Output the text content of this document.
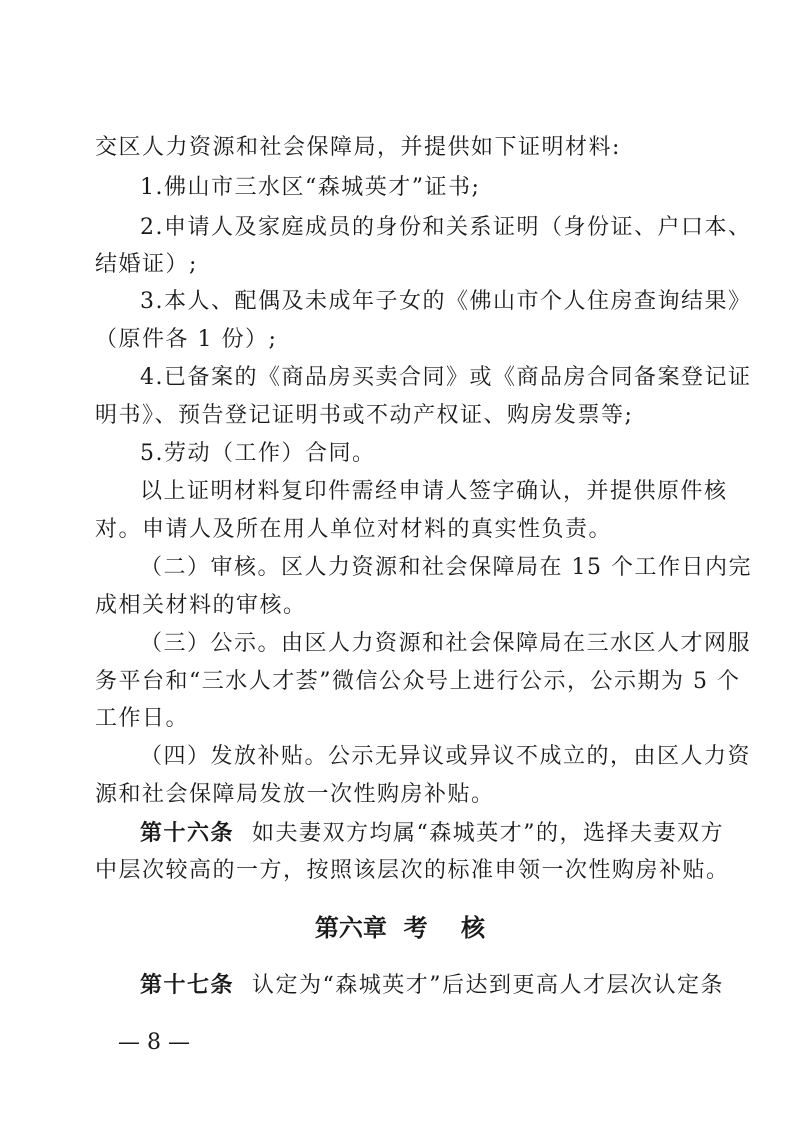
交区人力资源和社会保障局，并提供如下证明材料:
1.佛山市三水区“森城英才”证书;
2.申请人及家庭成员的身份和关系证明（身份证、户口本、
结婚证）;
3.本人、配偶及未成年子女的《佛山市个人住房查询结果》
（原件各 1 份）;
4.已备案的《商品房买卖合同》或《商品房合同备案登记证
明书》、预告登记证明书或不动产权证、购房发票等;
5.劳动（工作）合同。
以上证明材料复印件需经申请人签字确认，并提供原件核
对。申请人及所在用人单位对材料的真实性负责。
（二）审核。区人力资源和社会保障局在 15 个工作日内完
成相关材料的审核。
（三）公示。由区人力资源和社会保障局在三水区人才网服
务平台和“三水人才荟”微信公众号上进行公示，公示期为 5 个
工作日。
（四）发放补贴。公示无异议或异议不成立的，由区人力资
源和社会保障局发放一次性购房补贴。
第十六条 如夫妻双方均属“森城英才”的，选择夫妻双方
中层次较高的一方，按照该层次的标准申领一次性购房补贴。
第六章  考    核
第十七条 认定为“森城英才”后达到更高人才层次认定条
— 8 —
